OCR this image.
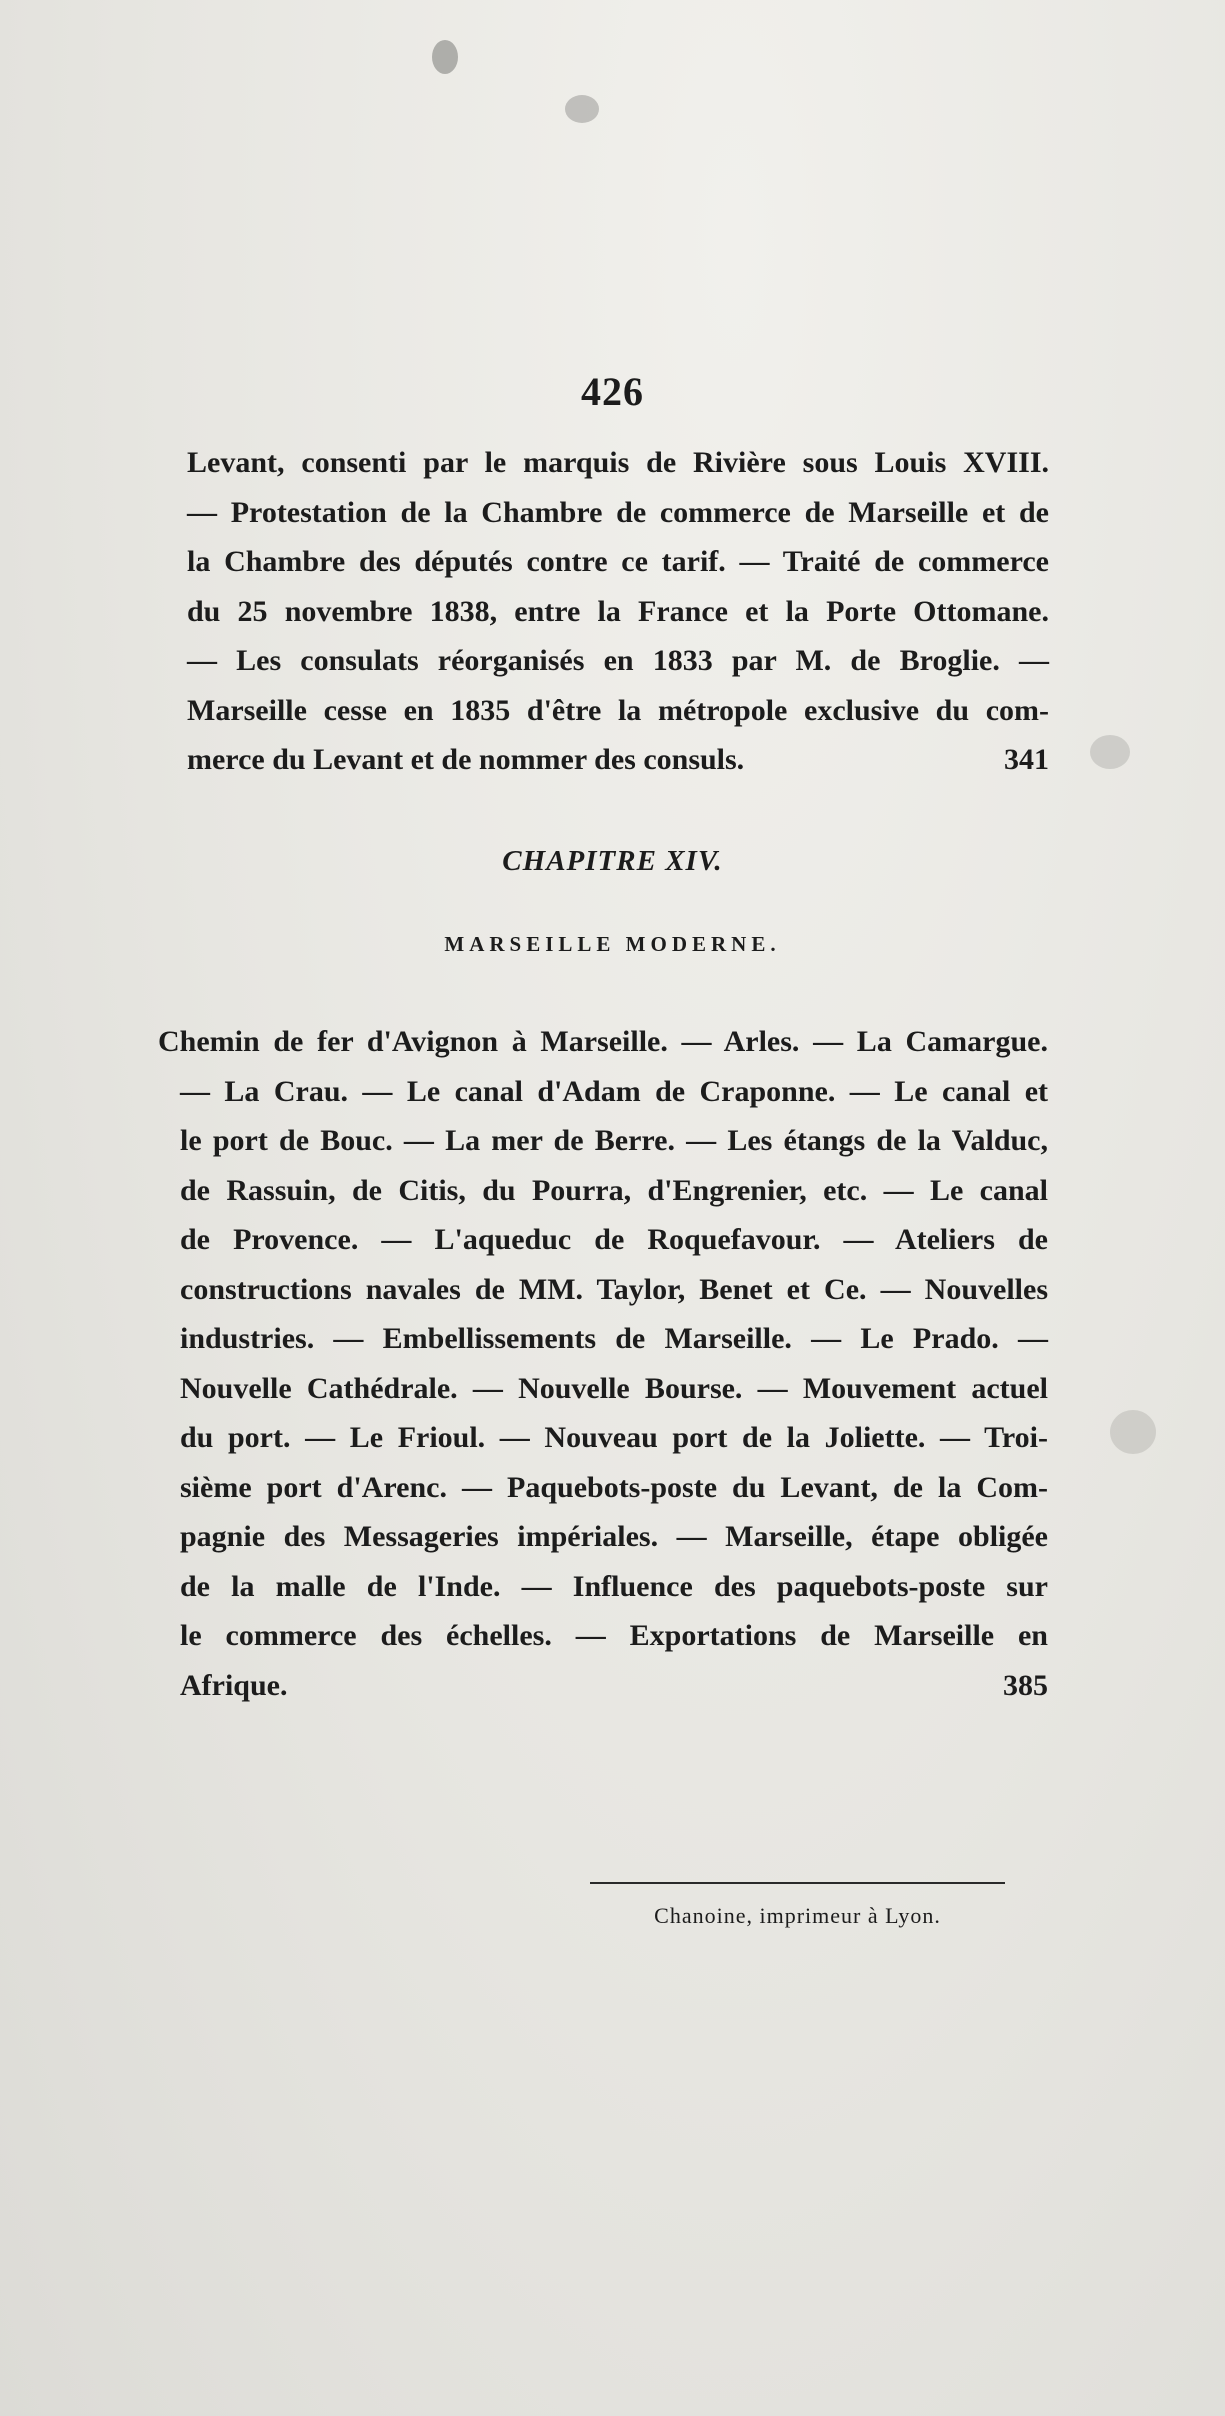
426
Levant, consenti par le marquis de Rivière sous Louis XVIII.
— Protestation de la Chambre de commerce de Marseille et de
la Chambre des députés contre ce tarif. — Traité de commerce
du 25 novembre 1838, entre la France et la Porte Ottomane.
— Les consulats réorganisés en 1833 par M. de Broglie. —
Marseille cesse en 1835 d'être la métropole exclusive du com-
merce du Levant et de nommer des consuls.	341
CHAPITRE XIV.
MARSEILLE MODERNE.
Chemin de fer d'Avignon à Marseille. — Arles. — La Camargue.
— La Crau. — Le canal d'Adam de Craponne. — Le canal et
le port de Bouc. — La mer de Berre. — Les étangs de la Valduc,
de Rassuin, de Citis, du Pourra, d'Engrenier, etc. — Le canal
de Provence. — L'aqueduc de Roquefavour. — Ateliers de
constructions navales de MM. Taylor, Benet et Ce. — Nouvelles
industries. — Embellissements de Marseille. — Le Prado. —
Nouvelle Cathédrale. — Nouvelle Bourse. — Mouvement actuel
du port. — Le Frioul. — Nouveau port de la Joliette. — Troi-
sième port d'Arenc. — Paquebots-poste du Levant, de la Com-
pagnie des Messageries impériales. — Marseille, étape obligée
de la malle de l'Inde. — Influence des paquebots-poste sur
le commerce des échelles. — Exportations de Marseille en
Afrique.	385
Chanoine, imprimeur à Lyon.
